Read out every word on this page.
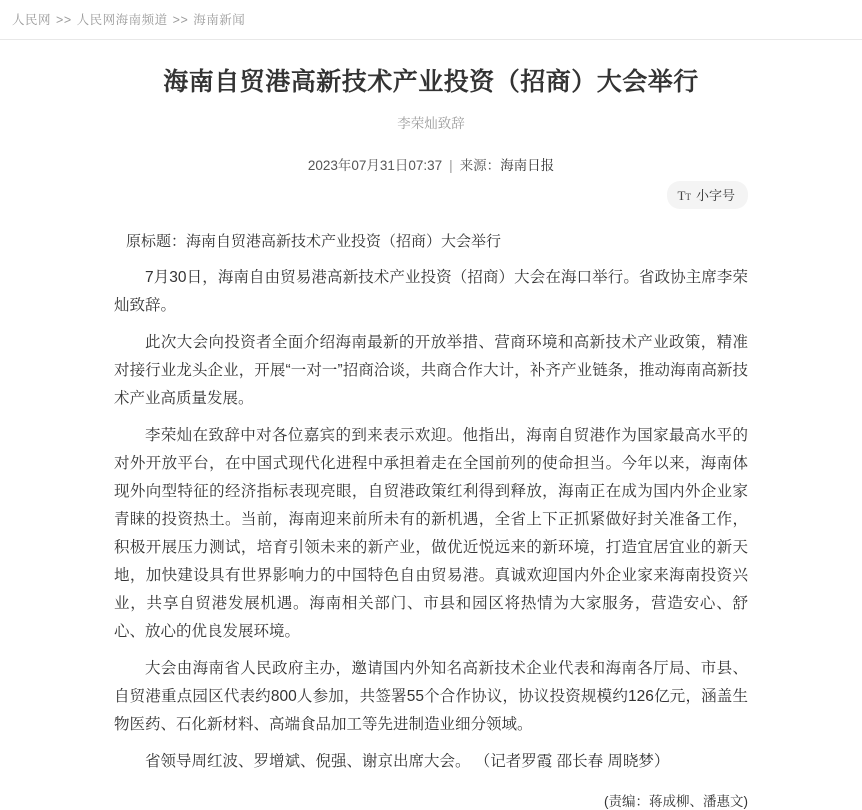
人民网 >> 人民网海南频道 >> 海南新闻
海南自贸港高新技术产业投资（招商）大会举行
李荣灿致辞
2023年07月31日07:37 | 来源：海南日报
TT 小字号
原标题：海南自贸港高新技术产业投资（招商）大会举行

7月30日，海南自由贸易港高新技术产业投资（招商）大会在海口举行。省政协主席李荣灿致辞。

此次大会向投资者全面介绍海南最新的开放举措、营商环境和高新技术产业政策，精准对接行业龙头企业，开展“一对一”招商洽谈，共商合作大计，补齐产业链条，推动海南高新技术产业高质量发展。

李荣灿在致辞中对各位嘉宾的到来表示欢迎。他指出，海南自贸港作为国家最高水平的对外开放平台，在中国式现代化进程中承担着走在全国前列的使命担当。今年以来，海南体现外向型特征的经济指标表现亮眼，自贸港政策红利得到释放，海南正在成为国内外企业家青睐的投资热土。当前，海南迎来前所未有的新机遇，全省上下正抓紧做好封关准备工作，积极开展压力测试，培育引领未来的新产业，做优近悦远来的新环境，打造宜居宜业的新天地，加快建设具有世界影响力的中国特色自由贸易港。真诚欢迎国内外企业家来海南投资兴业，共享自贸港发展机遇。海南相关部门、市县和园区将热情为大家服务，营造安心、舒心、放心的优良发展环境。

大会由海南省人民政府主办，邀请国内外知名高新技术企业代表和海南各厅局、市县、自贸港重点园区代表约800人参加，共签署55个合作协议，协议投资规模约126亿元，涵盖生物医药、石化新材料、高端食品加工等先进制造业细分领域。

省领导周红波、罗增斌、倪强、谢京出席大会。 （记者罗霞 邵长春 周晓梦）

(责编：蒋成柳、潘惠文)
